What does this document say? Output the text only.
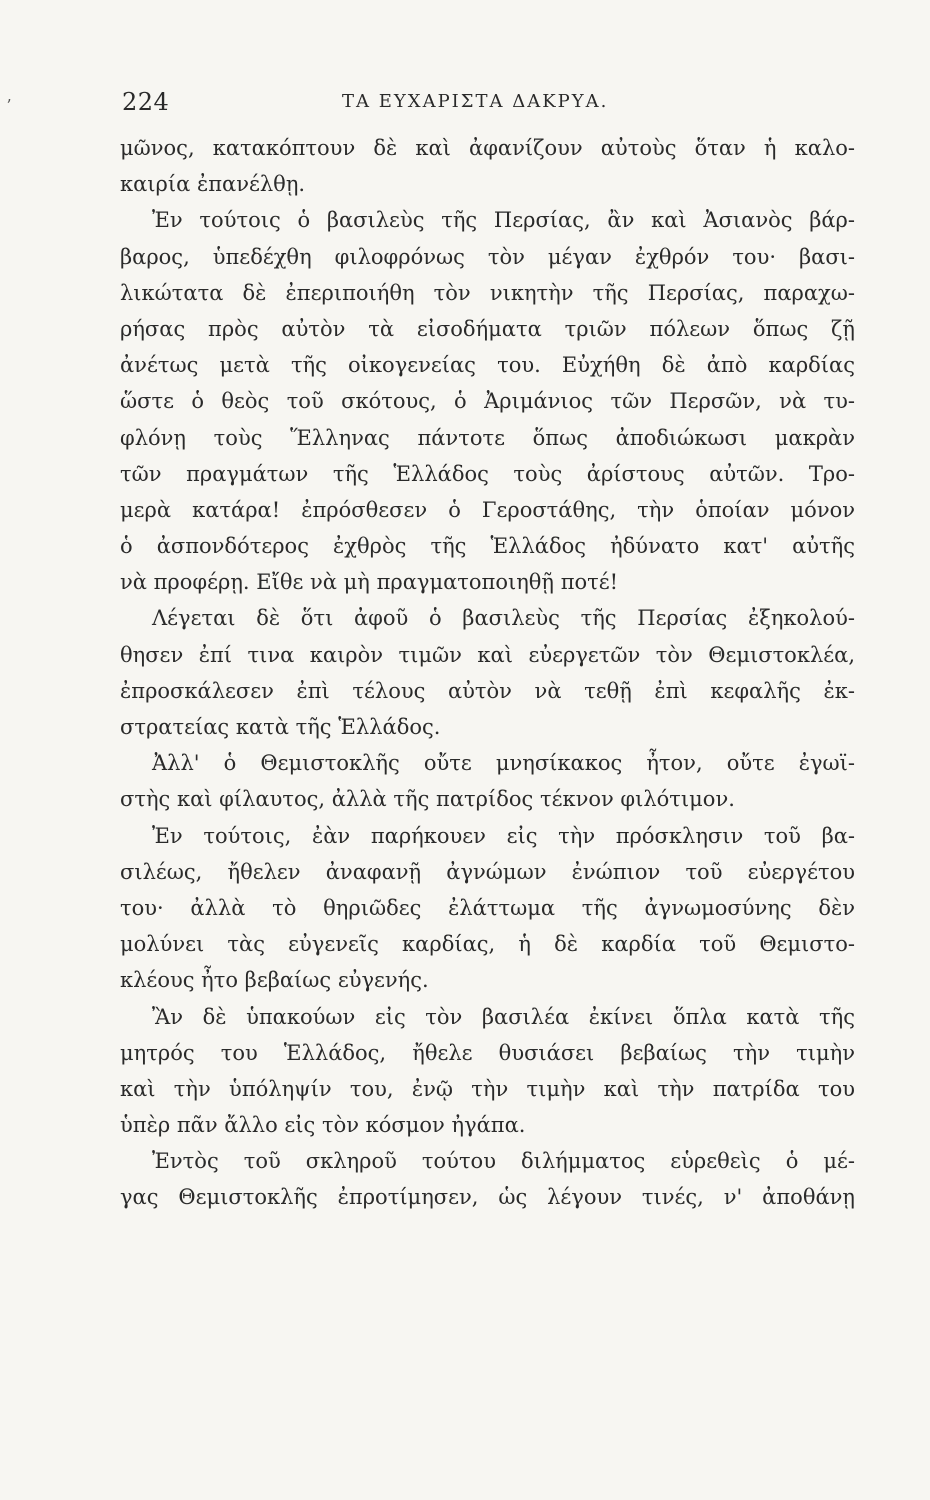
ʼ	224	ΤΑ ΕΥΧΑΡΙΣΤΑ ΔΑΚΡΥΑ.
μῶνος, κατακόπτουν δὲ καὶ ἀφανίζουν αὐτοὺς ὅταν ἡ καλο-
καιρία ἐπανέλθῃ.
Ἐν τούτοις ὁ βασιλεὺς τῆς Περσίας, ἂν καὶ Ἀσιανὸς βάρ-
βαρος, ὑπεδέχθη φιλοφρόνως τὸν μέγαν ἐχθρόν του· βασι-
λικώτατα δὲ ἐπεριποιήθη τὸν νικητὴν τῆς Περσίας, παραχω-
ρήσας πρὸς αὐτὸν τὰ εἰσοδήματα τριῶν πόλεων ὅπως ζῇ
ἀνέτως μετὰ τῆς οἰκογενείας του. Εὐχήθη δὲ ἀπὸ καρδίας
ὥστε ὁ θεὸς τοῦ σκότους, ὁ Ἀριμάνιος τῶν Περσῶν, νὰ τυ-
φλόνῃ τοὺς Ἕλληνας πάντοτε ὅπως ἀποδιώκωσι μακρὰν
τῶν πραγμάτων τῆς Ἑλλάδος τοὺς ἀρίστους αὐτῶν. Τρο-
μερὰ κατάρα! ἐπρόσθεσεν ὁ Γεροστάθης, τὴν ὁποίαν μόνον
ὁ ἀσπονδότερος ἐχθρὸς τῆς Ἑλλάδος ἠδύνατο κατ' αὐτῆς
νὰ προφέρῃ. Εἴθε νὰ μὴ πραγματοποιηθῇ ποτέ!
Λέγεται δὲ ὅτι ἀφοῦ ὁ βασιλεὺς τῆς Περσίας ἐξηκολού-
θησεν ἐπί τινα καιρὸν τιμῶν καὶ εὐεργετῶν τὸν Θεμιστοκλέα,
ἐπροσκάλεσεν ἐπὶ τέλους αὐτὸν νὰ τεθῇ ἐπὶ κεφαλῆς ἐκ-
στρατείας κατὰ τῆς Ἑλλάδος.
Ἀλλ' ὁ Θεμιστοκλῆς οὔτε μνησίκακος ἦτον, οὔτε ἐγωϊ-
στὴς καὶ φίλαυτος, ἀλλὰ τῆς πατρίδος τέκνον φιλότιμον.
Ἐν τούτοις, ἐὰν παρήκουεν εἰς τὴν πρόσκλησιν τοῦ βα-
σιλέως, ἤθελεν ἀναφανῇ ἀγνώμων ἐνώπιον τοῦ εὐεργέτου
του· ἀλλὰ τὸ θηριῶδες ἐλάττωμα τῆς ἀγνωμοσύνης δὲν
μολύνει τὰς εὐγενεῖς καρδίας, ἡ δὲ καρδία τοῦ Θεμιστο-
κλέους ἦτο βεβαίως εὐγενής.
Ἂν δὲ ὑπακούων εἰς τὸν βασιλέα ἐκίνει ὅπλα κατὰ τῆς
μητρός του Ἑλλάδος, ἤθελε θυσιάσει βεβαίως τὴν τιμὴν
καὶ τὴν ὑπόληψίν του, ἐνῷ τὴν τιμὴν καὶ τὴν πατρίδα του
ὑπὲρ πᾶν ἄλλο εἰς τὸν κόσμον ἠγάπα.
Ἐντὸς τοῦ σκληροῦ τούτου διλήμματος εὑρεθεὶς ὁ μέ-
γας Θεμιστοκλῆς ἐπροτίμησεν, ὡς λέγουν τινές, ν' ἀποθάνῃ
